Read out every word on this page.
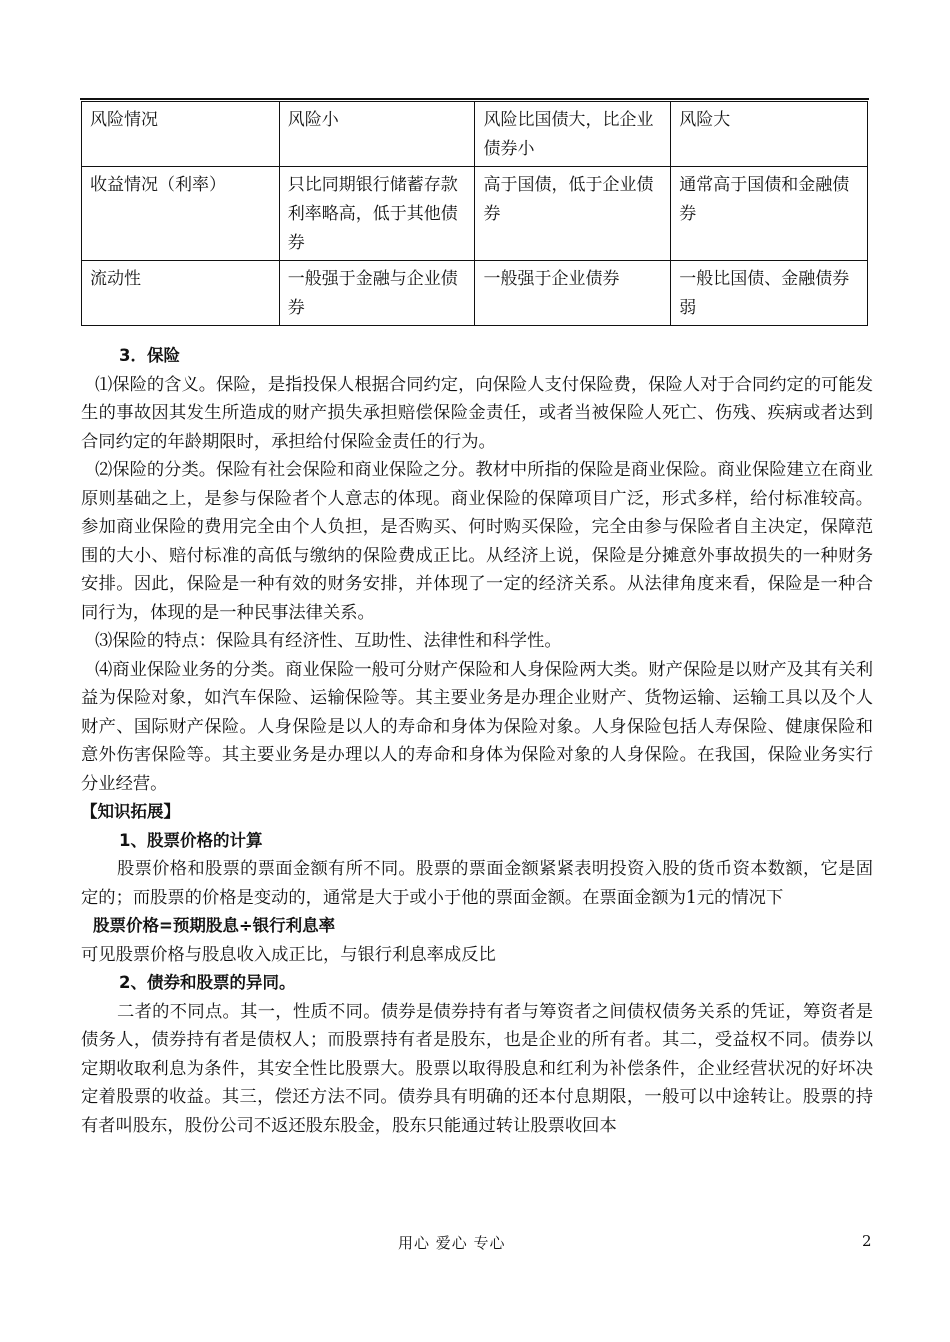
风险情况	风险小	风险比国债大，比企业债券小	风险大
收益情况（利率）	只比同期银行储蓄存款利率略高，低于其他债券	高于国债，低于企业债券	通常高于国债和金融债券
流动性	一般强于金融与企业债券	一般强于企业债券	一般比国债、金融债券弱

3．保险

⑴保险的含义。保险，是指投保人根据合同约定，向保险人支付保险费，保险人对于合同约定的可能发生的事故因其发生所造成的财产损失承担赔偿保险金责任，或者当被保险人死亡、伤残、疾病或者达到合同约定的年龄期限时，承担给付保险金责任的行为。

⑵保险的分类。保险有社会保险和商业保险之分。教材中所指的保险是商业保险。商业保险建立在商业原则基础之上，是参与保险者个人意志的体现。商业保险的保障项目广泛，形式多样，给付标准较高。参加商业保险的费用完全由个人负担，是否购买、何时购买保险，完全由参与保险者自主决定，保障范围的大小、赔付标准的高低与缴纳的保险费成正比。从经济上说，保险是分摊意外事故损失的一种财务安排。因此，保险是一种有效的财务安排，并体现了一定的经济关系。从法律角度来看，保险是一种合同行为，体现的是一种民事法律关系。

⑶保险的特点：保险具有经济性、互助性、法律性和科学性。

⑷商业保险业务的分类。商业保险一般可分财产保险和人身保险两大类。财产保险是以财产及其有关利益为保险对象，如汽车保险、运输保险等。其主要业务是办理企业财产、货物运输、运输工具以及个人财产、国际财产保险。人身保险是以人的寿命和身体为保险对象。人身保险包括人寿保险、健康保险和意外伤害保险等。其主要业务是办理以人的寿命和身体为保险对象的人身保险。在我国，保险业务实行分业经营。

【知识拓展】

1、股票价格的计算

股票价格和股票的票面金额有所不同。股票的票面金额紧紧表明投资入股的货币资本数额，它是固定的；而股票的价格是变动的，通常是大于或小于他的票面金额。在票面金额为1元的情况下

股票价格=预期股息÷银行利息率

可见股票价格与股息收入成正比，与银行利息率成反比

2、债券和股票的异同。

二者的不同点。其一，性质不同。债券是债券持有者与筹资者之间债权债务关系的凭证，筹资者是债务人，债券持有者是债权人；而股票持有者是股东，也是企业的所有者。其二，受益权不同。债券以定期收取利息为条件，其安全性比股票大。股票以取得股息和红利为补偿条件，企业经营状况的好坏决定着股票的收益。其三，偿还方法不同。债券具有明确的还本付息期限，一般可以中途转让。股票的持有者叫股东，股份公司不返还股东股金，股东只能通过转让股票收回本

用心 爱心 专心	2
